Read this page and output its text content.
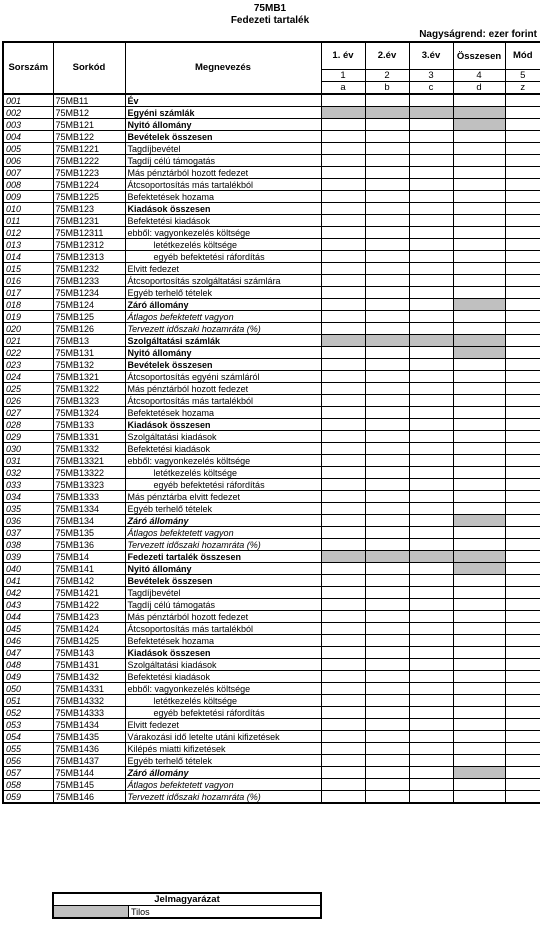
75MB1
Fedezeti tartalék
Nagyságrend: ezer forint
Sorszám	Sorkód	Megnevezés	1. év	2.év	3.év	Összesen	Mód
			1	2	3	4	5
			a	b	c	d	z
001	75MB11	Év					
002	75MB12	Egyéni számlák					
003	75MB121	Nyitó állomány					
004	75MB122	Bevételek összesen					
005	75MB1221	Tagdíjbevétel					
006	75MB1222	Tagdíj célú támogatás					
007	75MB1223	Más pénztárból hozott fedezet					
008	75MB1224	Átcsoportosítás más tartalékból					
009	75MB1225	Befektetések hozama					
010	75MB123	Kiadások összesen					
011	75MB1231	Befektetési kiadások					
012	75MB12311	ebből: vagyonkezelés költsége					
013	75MB12312	letétkezelés költsége					
014	75MB12313	egyéb befektetési ráfordítás					
015	75MB1232	Elvitt fedezet					
016	75MB1233	Átcsoportosítás szolgáltatási számlára					
017	75MB1234	Egyéb terhelő tételek					
018	75MB124	Záró állomány					
019	75MB125	Átlagos befektetett vagyon					
020	75MB126	Tervezett időszaki hozamráta (%)					
021	75MB13	Szolgáltatási számlák					
022	75MB131	Nyitó állomány					
023	75MB132	Bevételek összesen					
024	75MB1321	Átcsoportosítás egyéni számláról					
025	75MB1322	Más pénztárból hozott fedezet					
026	75MB1323	Átcsoportosítás más tartalékból					
027	75MB1324	Befektetések hozama					
028	75MB133	Kiadások összesen					
029	75MB1331	Szolgáltatási kiadások					
030	75MB1332	Befektetési kiadások					
031	75MB13321	ebből: vagyonkezelés költsége					
032	75MB13322	letétkezelés költsége					
033	75MB13323	egyéb befektetési ráfordítás					
034	75MB1333	Más pénztárba elvitt fedezet					
035	75MB1334	Egyéb terhelő tételek					
036	75MB134	Záró állomány					
037	75MB135	Átlagos befektetett vagyon					
038	75MB136	Tervezett időszaki hozamráta (%)					
039	75MB14	Fedezeti tartalék összesen					
040	75MB141	Nyitó állomány					
041	75MB142	Bevételek összesen					
042	75MB1421	Tagdíjbevétel					
043	75MB1422	Tagdíj célú támogatás					
044	75MB1423	Más pénztárból hozott fedezet					
045	75MB1424	Átcsoportosítás más tartalékból					
046	75MB1425	Befektetések hozama					
047	75MB143	Kiadások összesen					
048	75MB1431	Szolgáltatási kiadások					
049	75MB1432	Befektetési kiadások					
050	75MB14331	ebből: vagyonkezelés költsége					
051	75MB14332	letétkezelés költsége					
052	75MB14333	egyéb befektetési ráfordítás					
053	75MB1434	Elvitt fedezet					
054	75MB1435	Várakozási idő letelte utáni kifizetések					
055	75MB1436	Kilépés miatti kifizetések					
056	75MB1437	Egyéb terhelő tételek					
057	75MB144	Záró állomány					
058	75MB145	Átlagos befektetett vagyon					
059	75MB146	Tervezett időszaki hozamráta (%)					
Jelmagyarázat
	Tilos
